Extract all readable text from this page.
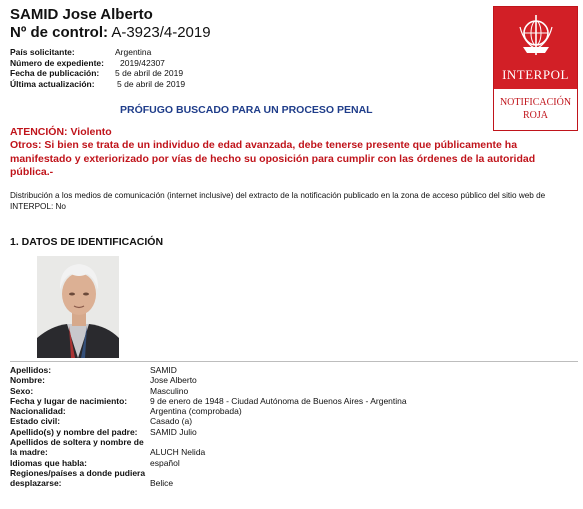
SAMID Jose Alberto
Nº de control: A-3923/4-2019
País solicitante:	Argentina
Número de expediente: 2019/42307
Fecha de publicación: 5 de abril de 2019
Última actualización:	5 de abril de 2019
PRÓFUGO BUSCADO PARA UN PROCESO PENAL
ATENCIÓN: Violento
Otros: Si bien se trata de un individuo de edad avanzada, debe tenerse presente que públicamente ha manifestado y exteriorizado por vías de hecho su oposición para cumplir con las órdenes de la autoridad pública.-
Distribución a los medios de comunicación (internet inclusive) del extracto de la notificación publicado en la zona de acceso público del sitio web de INTERPOL: No
1. DATOS DE IDENTIFICACIÓN
Apellidos:	SAMID
Nombre:	Jose Alberto
Sexo:	Masculino
Fecha y lugar de nacimiento:	9 de enero de 1948 - Ciudad Autónoma de Buenos Aires - Argentina
Nacionalidad:	Argentina (comprobada)
Estado civil:	Casado (a)
Apellido(s) y nombre del padre:	SAMID Julio
Apellidos de soltera y nombre de la madre:	ALUCH Nelida
Idiomas que habla:	español
Regiones/países a donde pudiera desplazarse:	Belice
INTERPOL
NOTIFICACIÓN
ROJA
